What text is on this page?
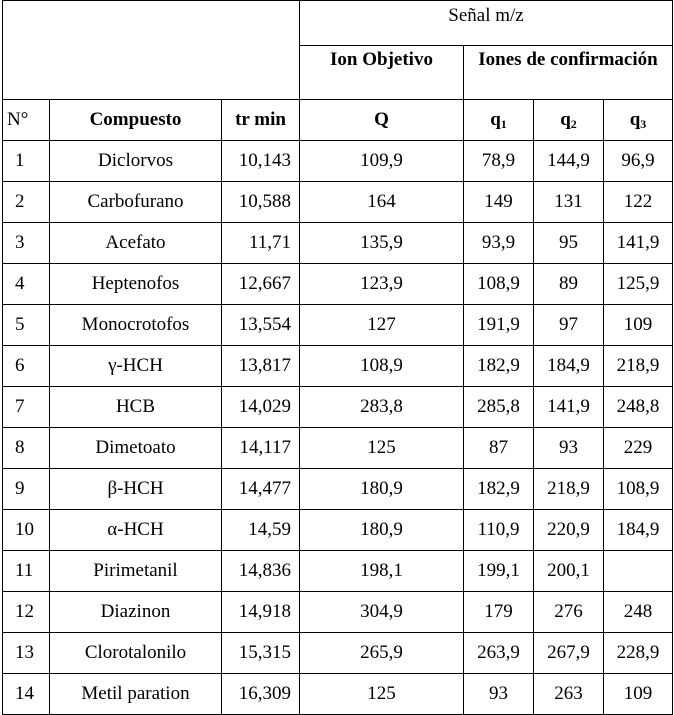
			Señal m/z			
			Ion Objetivo	Iones de confirmación		
N°	Compuesto	tr min	Q	$q_1$	$q_2$	$q_3$
1	Diclorvos	10,143	109,9	78,9	144,9	96,9
2	Carbofurano	10,588	164	149	131	122
3	Acefato	11,71	135,9	93,9	95	141,9
4	Heptenofos	12,667	123,9	108,9	89	125,9
5	Monocrotofos	13,554	127	191,9	97	109
6	γ-HCH	13,817	108,9	182,9	184,9	218,9
7	HCB	14,029	283,8	285,8	141,9	248,8
8	Dimetoato	14,117	125	87	93	229
9	β-HCH	14,477	180,9	182,9	218,9	108,9
10	α-HCH	14,59	180,9	110,9	220,9	184,9
11	Pirimetanil	14,836	198,1	199,1	200,1	
12	Diazinon	14,918	304,9	179	276	248
13	Clorotalonilo	15,315	265,9	263,9	267,9	228,9
14	Metil paration	16,309	125	93	263	109
